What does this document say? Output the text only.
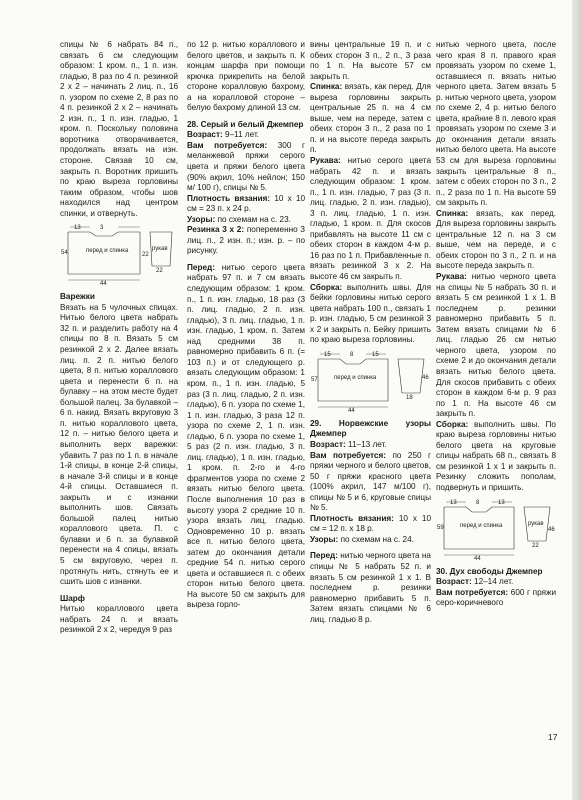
спицы № 6 набрать 84 п., связать 6 см следующим образом: 1 кром. п., 1 п. изн. гладью, 8 раз по 4 п. резинкой 2 х 2 – начинать 2 лиц. п., 16 п. узором по схеме 2, 8 раз по 4 п. резинкой 2 х 2 – начинать 2 изн. п., 1 п. изн. гладью, 1 кром. п. Поскольку половина воротника отворачивается, продолжать вязать на изн. стороне. Связав 10 см, закрыть п. Воротник пришить по краю выреза горловины таким образом, чтобы шов находился над центром спинки, и отвернуть.

13	3
22
54	перед и спинка	рукав
22
44

Варежки

Вязать на 5 чулочных спицах. Нитью белого цвета набрать 32 п. и разделить работу на 4 спицы по 8 п. Вязать 5 см резинкой 2 х 2. Далее вязать лиц. п. 2 п. нитью белого цвета, 8 п. нитью кораллового цвета и перенести 6 п. на булавку – на этом месте будет большой палец. За булавкой – 6 п. накид. Вязать вкруговую 3 п. нитью кораллового цвета, 12 п. – нитью белого цвета и выполнить верх варежки: убавить 7 раз по 1 п. в начале 1-й спицы, в конце 2-й спицы, в начале 3-й спицы и в конце 4-й спицы. Оставшиеся п. закрыть и с изнанки выполнить шов. Связать большой палец нитью кораллового цвета. П. с булавки и 6 п. за булавкой перенести на 4 спицы, вязать 5 см вкруговую, через п. протянуть нить, стянуть ее и сшить шов с изнанки.

Шарф

Нитью кораллового цвета набрать 24 п. и вязать резинкой 2 х 2, чередуя 9 раз

по 12 р. нитью кораллового и белого цветов, и закрыть п. К концам шарфа при помощи крючка прикрепить на белой стороне коралловую бахрому, а на коралловой стороне – белую бахрому длиной 13 см.

28. Серый и белый Джемпер

Возраст: 9–11 лет.

Вам потребуется: 300 г меланжевой пряжи серого цвета и пряжи белого цвета (90% акрил, 10% нейлон; 150 м/ 100 г), спицы № 5.

Плотность вязания: 10 х 10 см = 23 п. х 24 р.

Узоры: по схемам на с. 23.

Резинка 3 х 2: попеременно 3 лиц. п., 2 изн. п.; изн. р. – по рисунку.

Перед: нитью серого цвета набрать 97 п. и 7 см вязать следующим образом: 1 кром. п., 1 п. изн. гладью, 18 раз (3 п. лиц. гладью, 2 п. изн. гладью), 3 п. лиц. гладью, 1 п. изн. гладью, 1 кром. п. Затем над средними 38 п. равномерно прибавить 6 п. (= 103 п.) и от следующего р. вязать следующим образом: 1 кром. п., 1 п. изн. гладью, 5 раз (3 п. лиц. гладью, 2 п. изн. гладью), 6 п. узора по схеме 1, 1 п. изн. гладью, 3 раза 12 п. узора по схеме 2, 1 п. изн. гладью, 6 п. узора по схеме 1, 5 раз (2 п. изн. гладью, 3 п. лиц. гладью), 1 п. изн. гладью, 1 кром. п. 2-го и 4-го фрагментов узора по схеме 2 вязать нитью белого цвета. После выполнения 10 раз в высоту узора 2 средние 10 п. узора вязать лиц. гладью. Одновременно 10 р. вязать все п. нитью белого цвета, затем до окончания детали средние 54 п. нитью серого цвета и оставшиеся п. с обеих сторон нитью белого цвета. На высоте 50 см закрыть для выреза горло-

вины центральные 19 п. и с обеих сторон 3 п., 2 п., 3 раза по 1 п. На высоте 57 см закрыть п.

Спинка: вязать, как перед. Для выреза горловины закрыть центральные 25 п. на 4 см выше, чем на переде, затем с обеих сторон 3 п., 2 раза по 1 п. и на высоте переда закрыть п.

Рукава: нитью серого цвета набрать 42 п. и вязать следующим образом: 1 кром. п., 1 п. изн. гладью, 7 раз (3 п. лиц. гладью, 2 п. изн. гладью), 3 п. лиц. гладью, 1 п. изн. гладью, 1 кром. п. Для скосов прибавлять на высоте 11 см с обеих сторон в каждом 4-м р. 16 раз по 1 п. Прибавленные п. вязать резинкой 3 х 2. На высоте 46 см закрыть п.

Сборка: выполнить швы. Для бейки горловины нитью серого цвета набрать 100 п., связать 1 р. изн. гладью, 5 см резинкой 3 х 2 и закрыть п. Бейку пришить по краю выреза горловины.

15	8	15
57	перед и спинка	46
18
44

29. Норвежские узоры Джемпер

Возраст: 11–13 лет.

Вам потребуется: по 250 г пряжи черного и белого цветов, 50 г пряжи красного цвета (100% акрил, 147 м/100 г), спицы № 5 и 6, круговые спицы № 5.

Плотность вязания: 10 х 10 см = 12 п. х 18 р.

Узоры: по схемам на с. 24.

Перед: нитью черного цвета на спицы № 5 набрать 52 п. и вязать 5 см резинкой 1 х 1. В последнем р. резинки равномерно прибавить 5 п. Затем вязать спицами № 6 лиц. гладью 8 р.

нитью черного цвета, после чего края 8 п. правого края провязать узором по схеме 1, оставшиеся п. вязать нитью черного цвета. Затем вязать 5 р. нитью черного цвета, узором по схеме 2, 4 р. нитью белого цвета, крайние 8 п. левого края провязать узором по схеме 3 и до окончания детали вязать нитью белого цвета. На высоте 53 см для выреза горловины закрыть центральные 8 п., затем с обеих сторон по 3 п., 2 п., 2 раза по 1 п. На высоте 59 см закрыть п.

Спинка: вязать, как перед. Для выреза горловины закрыть центральные 12 п. на 3 см выше, чем на переде, и с обеих сторон по 3 п., 2 п. и на высоте переда закрыть п.

Рукава: нитью черного цвета на спицы № 5 набрать 30 п. и вязать 5 см резинкой 1 х 1. В последнем р. резинки равномерно прибавить 5 п. Затем вязать спицами № 6 лиц. гладью 26 см нитью черного цвета, узором по схеме 2 и до окончания детали вязать нитью белого цвета. Для скосов прибавить с обеих сторон в каждом 6-м р. 9 раз по 1 п. На высоте 46 см закрыть п.

Сборка: выполнить швы. По краю выреза горловины нитью белого цвета на круговые спицы набрать 68 п., связать 8 см резинкой 1 х 1 и закрыть п. Резинку сложить пополам, подвернуть и пришить.

13	8	13
59	перед и спинка	рукав
46
22
44

30. Дух свободы Джемпер

Возраст: 12–14 лет.

Вам потребуется: 600 г пряжи серо-коричневого

17
